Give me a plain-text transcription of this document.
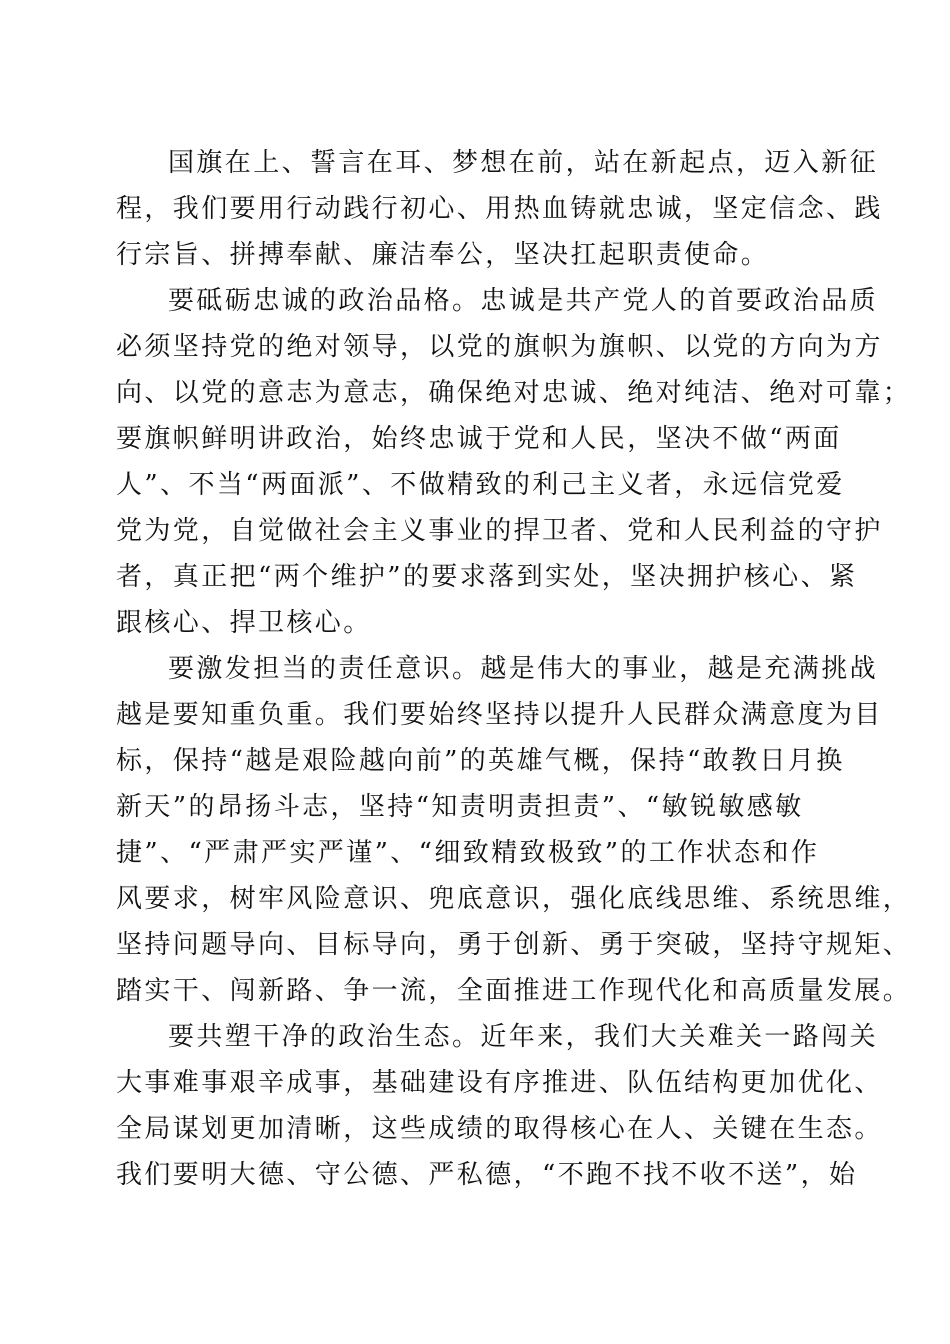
国旗在上、誓言在耳、梦想在前，站在新起点，迈入新征

程，我们要用行动践行初心、用热血铸就忠诚，坚定信念、践

行宗旨、拼搏奉献、廉洁奉公，坚决扛起职责使命。

要砥砺忠诚的政治品格。忠诚是共产党人的首要政治品质

必须坚持党的绝对领导，以党的旗帜为旗帜、以党的方向为方

向、以党的意志为意志，确保绝对忠诚、绝对纯洁、绝对可靠；

要旗帜鲜明讲政治，始终忠诚于党和人民，坚决不做“两面

人”、不当“两面派”、不做精致的利己主义者，永远信党爱

党为党，自觉做社会主义事业的捍卫者、党和人民利益的守护

者，真正把“两个维护”的要求落到实处，坚决拥护核心、紧

跟核心、捍卫核心。

要激发担当的责任意识。越是伟大的事业，越是充满挑战

越是要知重负重。我们要始终坚持以提升人民群众满意度为目

标，保持“越是艰险越向前”的英雄气概，保持“敢教日月换

新天”的昂扬斗志，坚持“知责明责担责”、“敏锐敏感敏

捷”、“严肃严实严谨”、“细致精致极致”的工作状态和作

风要求，树牢风险意识、兜底意识，强化底线思维、系统思维，

坚持问题导向、目标导向，勇于创新、勇于突破，坚持守规矩、

踏实干、闯新路、争一流，全面推进工作现代化和高质量发展。

要共塑干净的政治生态。近年来，我们大关难关一路闯关

大事难事艰辛成事，基础建设有序推进、队伍结构更加优化、

全局谋划更加清晰，这些成绩的取得核心在人、关键在生态。

我们要明大德、守公德、严私德，“不跑不找不收不送”，始
